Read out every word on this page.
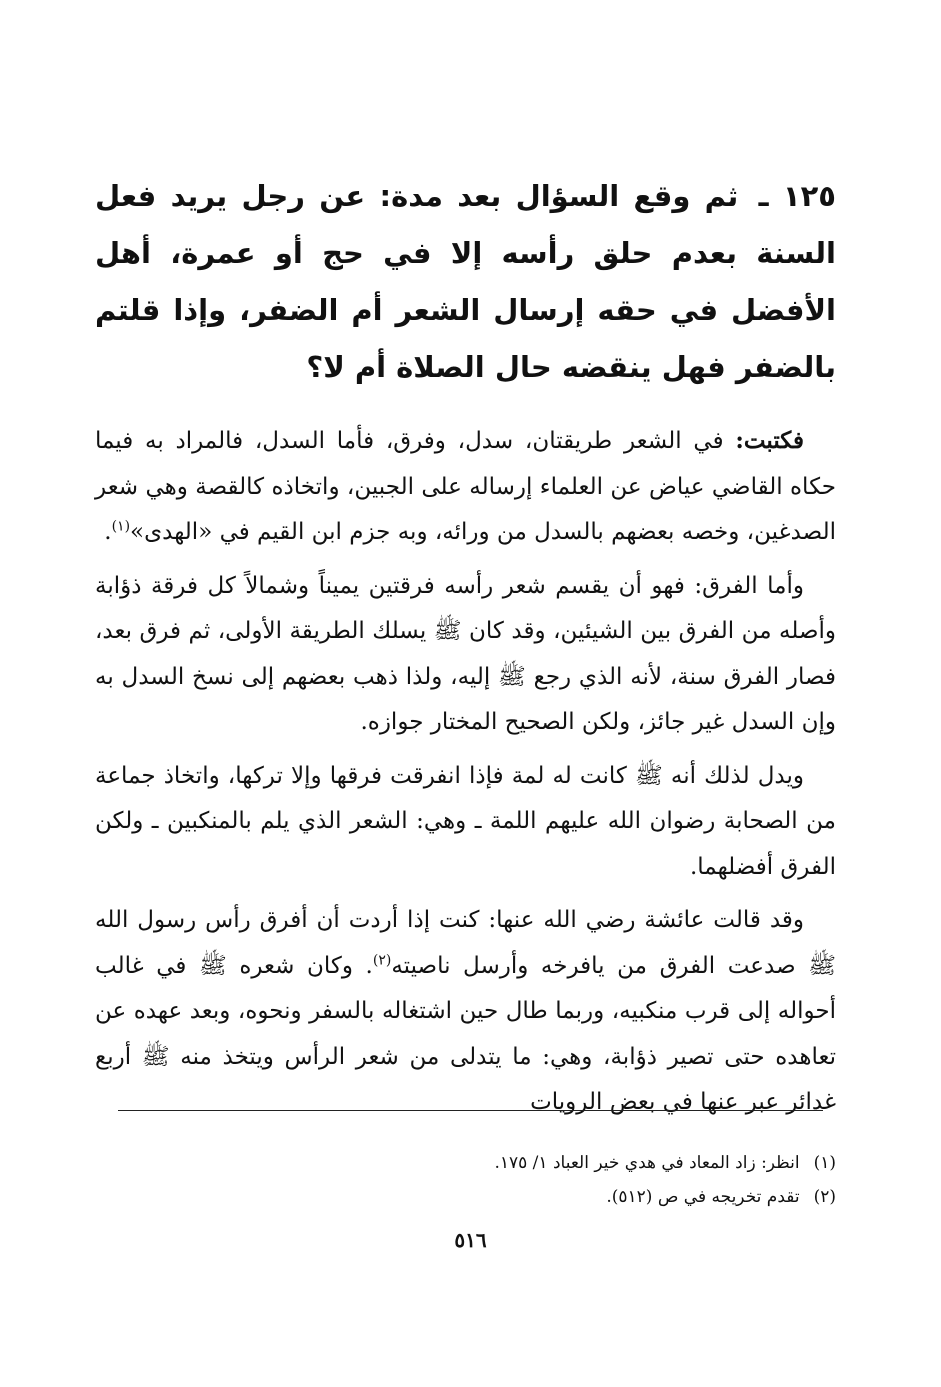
١٢٥ ـ ثم وقع السؤال بعد مدة: عن رجل يريد فعل السنة بعدم حلق رأسه إلا في حج أو عمرة، أهل الأفضل في حقه إرسال الشعر أم الضفر، وإذا قلتم بالضفر فهل ينقضه حال الصلاة أم لا؟

فكتبت: في الشعر طريقتان، سدل، وفرق، فأما السدل، فالمراد به فيما حكاه القاضي عياض عن العلماء إرساله على الجبين، واتخاذه كالقصة وهي شعر الصدغين، وخصه بعضهم بالسدل من ورائه، وبه جزم ابن القيم في «الهدى»$^{(١)}$.

وأما الفرق: فهو أن يقسم شعر رأسه فرقتين يميناً وشمالاً كل فرقة ذؤابة وأصله من الفرق بين الشيئين، وقد كان ﷺ يسلك الطريقة الأولى، ثم فرق بعد، فصار الفرق سنة، لأنه الذي رجع ﷺ إليه، ولذا ذهب بعضهم إلى نسخ السدل به وإن السدل غير جائز، ولكن الصحيح المختار جوازه.

ويدل لذلك أنه ﷺ كانت له لمة فإذا انفرقت فرقها وإلا تركها، واتخاذ جماعة من الصحابة رضوان الله عليهم اللمة ـ وهي: الشعر الذي يلم بالمنكبين ـ ولكن الفرق أفضلهما.

وقد قالت عائشة رضي الله عنها: كنت إذا أردت أن أفرق رأس رسول الله ﷺ صدعت الفرق من يافرخه وأرسل ناصيته$^{(٢)}$. وكان شعره ﷺ في غالب أحواله إلى قرب منكبيه، وربما طال حين اشتغاله بالسفر ونحوه، وبعد عهده عن تعاهده حتى تصير ذؤابة، وهي: ما يتدلى من شعر الرأس ويتخذ منه ﷺ أربع غدائر عبر عنها في بعض الرويات

(١)انظر: زاد المعاد في هدي خير العباد ١/ ١٧٥.
(٢)تقدم تخريجه في ص (٥١٢).
٥١٦
